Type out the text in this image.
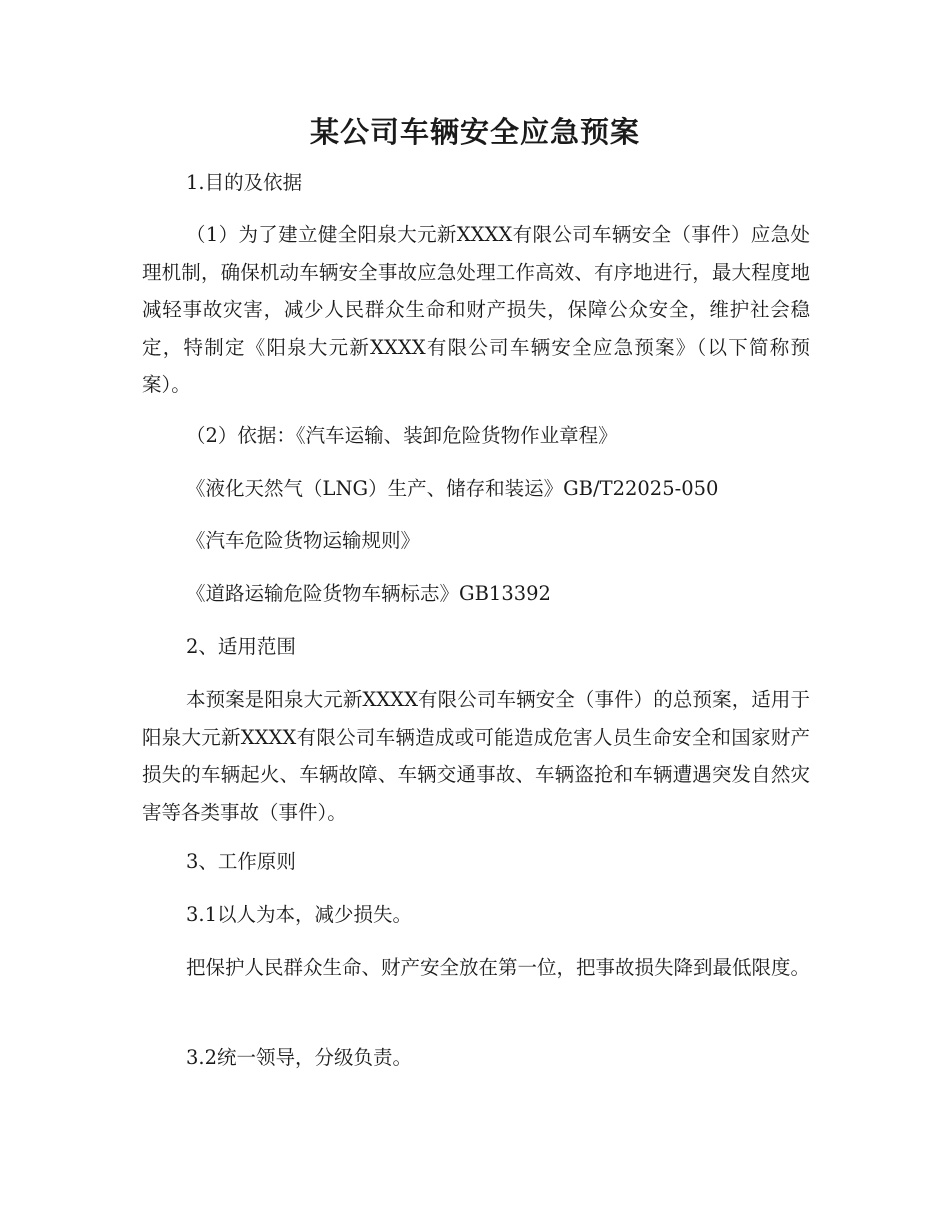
某公司车辆安全应急预案

1.目的及依据

（1）为了建立健全阳泉大元新XXXX有限公司车辆安全（事件）应急处理机制，确保机动车辆安全事故应急处理工作高效、有序地进行，最大程度地减轻事故灾害，减少人民群众生命和财产损失，保障公众安全，维护社会稳定，特制定《阳泉大元新XXXX有限公司车辆安全应急预案》（以下简称预案）。

（2）依据：《汽车运输、装卸危险货物作业章程》

《液化天然气（LNG）生产、储存和装运》GB/T22025-050

《汽车危险货物运输规则》

《道路运输危险货物车辆标志》GB13392

2、适用范围

本预案是阳泉大元新XXXX有限公司车辆安全（事件）的总预案，适用于阳泉大元新XXXX有限公司车辆造成或可能造成危害人员生命安全和国家财产损失的车辆起火、车辆故障、车辆交通事故、车辆盗抢和车辆遭遇突发自然灾害等各类事故（事件）。

3、工作原则

3.1以人为本，减少损失。

把保护人民群众生命、财产安全放在第一位，把事故损失降到最低限度。

3.2统一领导，分级负责。
